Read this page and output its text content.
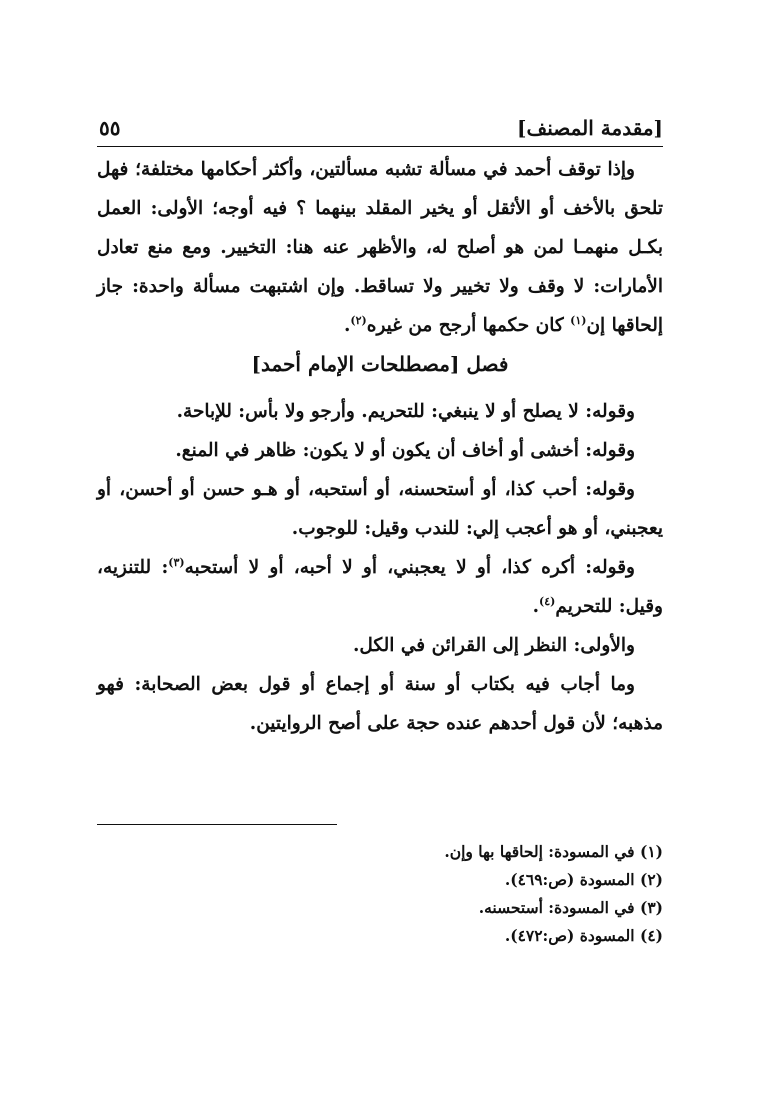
[مقدمة المصنف]
٥٥

وإذا توقف أحمد في مسألة تشبه مسألتين، وأكثر أحكامها مختلفة؛ فهل تلحق بالأخف أو الأثقل أو يخير المقلد بينهما ؟ فيه أوجه؛ الأولى: العمل بكـل منهمـا لمن هو أصلح له، والأظهر عنه هنا: التخيير. ومع منع تعادل الأمارات: لا وقف ولا تخيير ولا تساقط. وإن اشتبهت مسألة واحدة: جاز إلحاقها إن$^{(١)}$ كان حكمها أرجح من غيره$^{(٢)}$.

فصل [مصطلحات الإمام أحمد]

وقوله: لا يصلح أو لا ينبغي: للتحريم. وأرجو ولا بأس: للإباحة.

وقوله: أخشى أو أخاف أن يكون أو لا يكون: ظاهر في المنع.

وقوله: أحب كذا، أو أستحسنه، أو أستحبه، أو هـو حسن أو أحسن، أو يعجبني، أو هو أعجب إلي: للندب وقيل: للوجوب.

وقوله: أكره كذا، أو لا يعجبني، أو لا أحبه، أو لا أستحبه$^{(٣)}$: للتنزيه، وقيل: للتحريم$^{(٤)}$.

والأولى: النظر إلى القرائن في الكل.

وما أجاب فيه بكتاب أو سنة أو إجماع أو قول بعض الصحابة: فهو مذهبه؛ لأن قول أحدهم عنده حجة على أصح الروايتين.

(١) في المسودة: إلحاقها بها وإن.
(٢) المسودة (ص:٤٦٩).
(٣) في المسودة: أستحسنه.
(٤) المسودة (ص:٤٧٢).
